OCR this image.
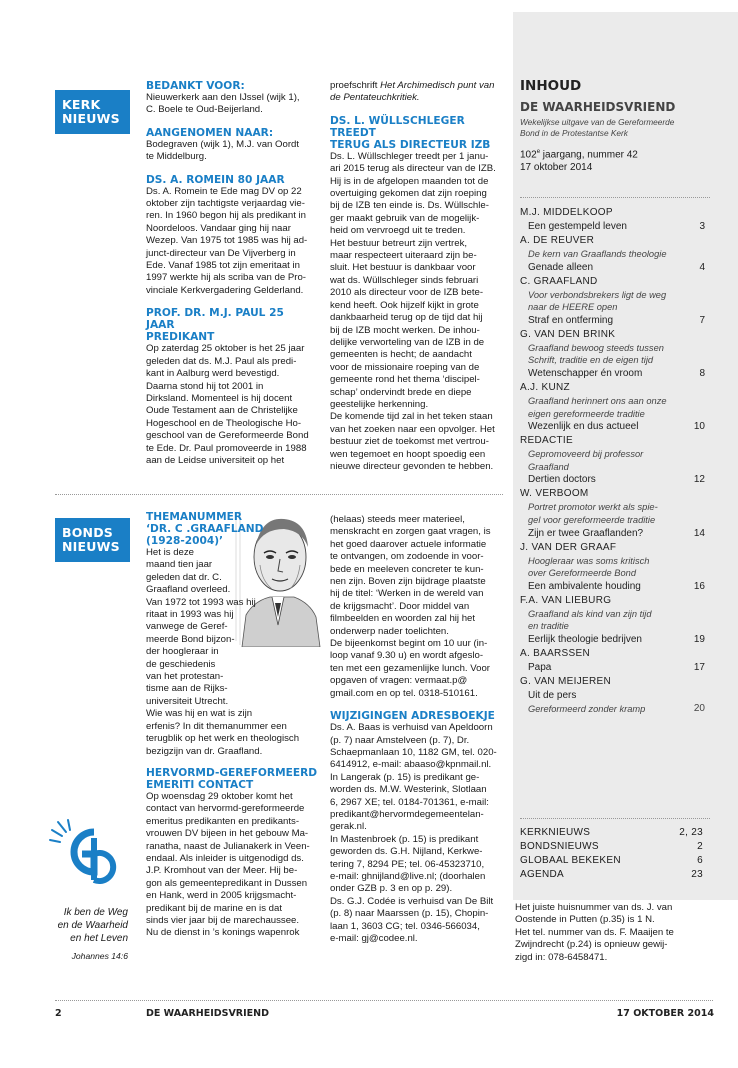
KERK
NIEUWS

BEDANKT VOOR:

Nieuwerkerk aan den IJssel (wijk 1),

C. Boele te Oud-Beijerland.

AANGENOMEN NAAR:

Bodegraven (wijk 1), M.J. van Oordt

te Middelburg.

DS. A. ROMEIN 80 JAAR

Ds. A. Romein te Ede mag DV op 22

oktober zijn tachtigste verjaardag vie-

ren. In 1960 begon hij als predikant in

Noordeloos. Vandaar ging hij naar

Wezep. Van 1975 tot 1985 was hij ad-

junct-directeur van De Vijverberg in

Ede. Vanaf 1985 tot zijn emeritaat in

1997 werkte hij als scriba van de Pro-

vinciale Kerkvergadering Gelderland.

PROF. DR. M.J. PAUL 25 JAAR
PREDIKANT

Op zaterdag 25 oktober is het 25 jaar

geleden dat ds. M.J. Paul als predi-

kant in Aalburg werd bevestigd.

Daarna stond hij tot 2001 in

Dirksland. Momenteel is hij docent

Oude Testament aan de Christelijke

Hogeschool en de Theologische Ho-

geschool van de Gereformeerde Bond

te Ede. Dr. Paul promoveerde in 1988

aan de Leidse universiteit op het

proefschrift Het Archimedisch punt van

de Pentateuchkritiek.

DS. L. WÜLLSCHLEGER TREEDT
TERUG ALS DIRECTEUR IZB

Ds. L. Wüllschleger treedt per 1 janu-

ari 2015 terug als directeur van de IZB.

Hij is in de afgelopen maanden tot de

overtuiging gekomen dat zijn roeping

bij de IZB ten einde is. Ds. Wüllschle-

ger maakt gebruik van de mogelijk-

heid om vervroegd uit te treden.

Het bestuur betreurt zijn vertrek,

maar respecteert uiteraard zijn be-

sluit. Het bestuur is dankbaar voor

wat ds. Wüllschleger sinds februari

2010 als directeur voor de IZB bete-

kend heeft. Ook hijzelf kijkt in grote

dankbaarheid terug op de tijd dat hij

bij de IZB mocht werken. De inhou-

delijke verworteling van de IZB in de

gemeenten is hecht; de aandacht

voor de missionaire roeping van de

gemeente rond het thema ‘discipel-

schap’ ondervindt brede en diepe

geestelijke herkenning.

De komende tijd zal in het teken staan

van het zoeken naar een opvolger. Het

bestuur ziet de toekomst met vertrou-

wen tegemoet en hoopt spoedig een

nieuwe directeur gevonden te hebben.

BONDS
NIEUWS

THEMANUMMER
‘DR. C .GRAAFLAND
(1928-2004)’

Het is deze

maand tien jaar

geleden dat dr. C.

Graafland overleed.

Van 1972 tot 1993 was hij

ritaat in 1993 was hij

vanwege de Geref-

meerde Bond bijzon-

der hoogleraar in

de geschiedenis

van het protestan-

tisme aan de Rijks-

universiteit Utrecht.

Wie was hij en wat is zijn

erfenis? In dit themanummer een

terugblik op het werk en theologisch

bezigzijn van dr. Graafland.

HERVORMD-GEREFORMEERD
EMERITI CONTACT

Op woensdag 29 oktober komt het

contact van hervormd-gereformeerde

emeritus predikanten en predikants-

vrouwen DV bijeen in het gebouw Ma-

ranatha, naast de Julianakerk in Veen-

endaal. Als inleider is uitgenodigd ds.

J.P. Kromhout van der Meer. Hij be-

gon als gemeentepredikant in Dussen

en Hank, werd in 2005 krijgsmacht-

predikant bij de marine en is dat

sinds vier jaar bij de marechaussee.

Nu de dienst in ’s konings wapenrok

(helaas) steeds meer materieel,

menskracht en zorgen gaat vragen, is

het goed daarover actuele informatie

te ontvangen, om zodoende in voor-

bede en meeleven concreter te kun-

nen zijn. Boven zijn bijdrage plaatste

hij de titel: ‘Werken in de wereld van

de krijgsmacht’. Door middel van

filmbeelden en woorden zal hij het

onderwerp nader toelichten.

De bijeenkomst begint om 10 uur (in-

loop vanaf 9.30 u) en wordt afgeslo-

ten met een gezamenlijke lunch. Voor

opgaven of vragen: vermaat.p@

gmail.com en op tel. 0318-510161.

WIJZIGINGEN ADRESBOEKJE

Ds. A. Baas is verhuisd van Apeldoorn

(p. 7) naar Amstelveen (p. 7), Dr.

Schaepmanlaan 10, 1182 GM, tel. 020-

6414912, e-mail: abaaso@kpnmail.nl.

In Langerak (p. 15) is predikant ge-

worden ds. M.W. Westerink, Slotlaan

6, 2967 XE; tel. 0184-701361, e-mail:

predikant@hervormdegemeentelan-

gerak.nl.

In Mastenbroek (p. 15) is predikant

geworden ds. G.H. Nijland, Kerkwe-

tering 7, 8294 PE; tel. 06-45323710,

e-mail: ghnijland@live.nl; (doorhalen

onder GZB p. 3 en op p. 29).

Ds. G.J. Codée is verhuisd van De Bilt

(p. 8) naar Maarssen (p. 15), Chopin-

laan 1, 3603 CG; tel. 0346-566034,

e-mail: gj@codee.nl.

Ik ben de Weg
en de Waarheid
en het Leven
Johannes 14:6
INHOUD
DE WAARHEIDSVRIEND
Wekelijkse uitgave van de Gereformeerde
Bond in de Protestantse Kerk
102e jaargang, nummer 42
17 oktober 2014
M.J. MIDDELKOOP
Een gestempeld leven	3
A. DE REUVER
De kern van Graaflands theologie
Genade alleen	4
C. GRAAFLAND
Voor verbondsbrekers ligt de weg
naar de HEERE open
Straf en ontferming	7
G. VAN DEN BRINK
Graafland bewoog steeds tussen
Schrift, traditie en de eigen tijd
Wetenschapper én vroom	8
A.J. KUNZ
Graafland herinnert ons aan onze
eigen gereformeerde traditie
Wezenlijk en dus actueel	10
REDACTIE
Gepromoveerd bij professor
Graafland
Dertien doctors	12
W. VERBOOM
Portret promotor werkt als spie-
gel voor gereformeerde traditie
Zijn er twee Graaflanden?	14
J. VAN DER GRAAF
Hoogleraar was soms kritisch
over Gereformeerde Bond
Een ambivalente houding	16
F.A. VAN LIEBURG
Graafland als kind van zijn tijd
en traditie
Eerlijk theologie bedrijven	19
A. BAARSSEN
Papa	17
G. VAN MEIJEREN
Uit de pers
Gereformeerd zonder kramp	20
KERKNIEUWS	2, 23
BONDSNIEUWS	2
GLOBAAL BEKEKEN	6
AGENDA	23
Het juiste huisnummer van ds. J. van
Oostende in Putten (p.35) is 1 N.
Het tel. nummer van ds. F. Maaijen te
Zwijndrecht (p.24) is opnieuw gewij-
zigd in: 078-6458471.
2	DE WAARHEIDSVRIEND	17 OKTOBER 2014
